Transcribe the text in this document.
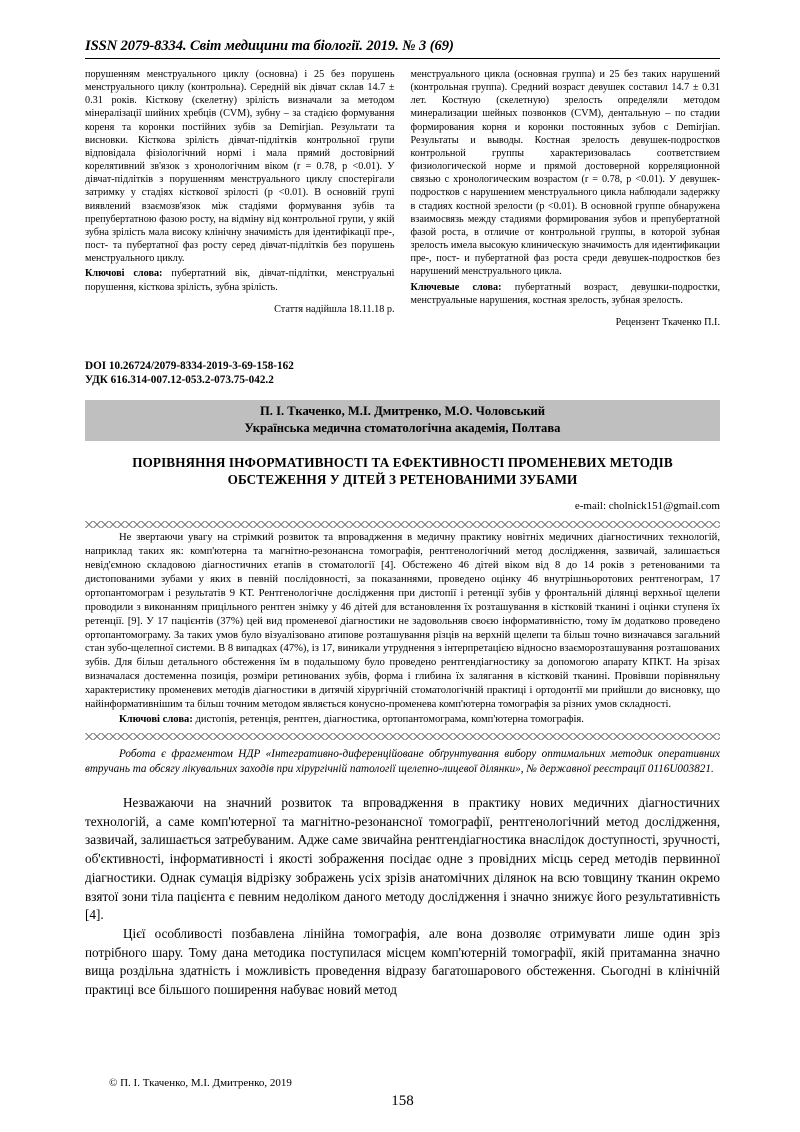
ISSN 2079-8334. Світ медицини та біології. 2019. № 3 (69)

порушенням менструального циклу (основна) і 25 без порушень менструального циклу (контрольна). Середній вік дівчат склав 14.7 ± 0.31 років. Кісткову (скелетну) зрілість визначали за методом мінералізації шийних хребців (CVM), зубну – за стадією формування кореня та коронки постійних зубів за Demirjian. Результати та висновки. Кісткова зрілість дівчат-підлітків контрольної групи відповідала фізіологічний нормі і мала прямий достовірний корелятивний зв'язок з хронологічним віком (r = 0.78, p <0.01). У дівчат-підлітків з порушенням менструального циклу спостерігали затримку у стадіях кісткової зрілості (р <0.01). В основній групі виявлений взаємозв'язок між стадіями формування зубів та препубертатною фазою росту, на відміну від контрольної групи, у якій зубна зрілість мала високу клінічну значимість для ідентифікації пре-, пост- та пубертатної фаз росту серед дівчат-підлітків без порушень менструального циклу.

Ключові слова: пубертатний вік, дівчат-підлітки, менструальні порушення, кісткова зрілість, зубна зрілість.

Стаття надійшла 18.11.18 р.

менструального цикла (основная группа) и 25 без таких нарушений (контрольная группа). Средний возраст девушек составил 14.7 ± 0.31 лет. Костную (скелетную) зрелость определяли методом минерализации шейных позвонков (CVM), дентальную – по стадии формирования корня и коронки постоянных зубов с Demirjian. Результаты и выводы. Костная зрелость девушек-подростков контрольной группы характеризовалась соответствием физиологической норме и прямой достоверной корреляционной связью с хронологическим возрастом (r = 0.78, p <0.01). У девушек-подростков с нарушением менструального цикла наблюдали задержку в стадиях костной зрелости (р <0.01). В основной группе обнаружена взаимосвязь между стадиями формирования зубов и препубертатной фазой роста, в отличие от контрольной группы, в которой зубная зрелость имела высокую клиническую значимость для идентификации пре-, пост- и пубертатной фаз роста среди девушек-подростков без нарушений менструального цикла.

Ключевые слова: пубертатный возраст, девушки-подростки, менструальные нарушения, костная зрелость, зубная зрелость.

Рецензент Ткаченко П.І.

DOI 10.26724/2079-8334-2019-3-69-158-162
УДК 616.314-007.12-053.2-073.75-042.2
П. І. Ткаченко, М.І. Дмитренко, М.О. Чоловський
Українська медична стоматологічна академія, Полтава
ПОРІВНЯННЯ ІНФОРМАТИВНОСТІ ТА ЕФЕКТИВНОСТІ ПРОМЕНЕВИХ МЕТОДІВ ОБСТЕЖЕННЯ У ДІТЕЙ З РЕТЕНОВАНИМИ ЗУБАМИ
e-mail: cholnick151@gmail.com

Не звертаючи увагу на стрімкий розвиток та впровадження в медичну практику новітніх медичних діагностичних технологій, наприклад таких як: комп'ютерна та магнітно-резонансна томографія, рентгенологічний метод дослідження, зазвичай, залишається невід'ємною складовою діагностичних етапів в стоматології [4]. Обстежено 46 дітей віком від 8 до 14 років з ретенованими та дистопованими зубами у яких в певній послідовності, за показаннями, проведено оцінку 46 внутрішньоротових рентгенограм, 17 ортопантомограм і результатів 9 КТ. Рентгенологічне дослідження при дистопії і ретенції зубів у фронтальній ділянці верхньої щелепи проводили з виконанням прицільного рентген знімку у 46 дітей для встановлення їх розташування в кістковій тканині і оцінки ступеня їх ретенції. [9]. У 17 пацієнтів (37%) цей вид променевої діагностики не задовольняв своєю інформативністю, тому їм додатково проведено ортопантомограму. За таких умов було візуалізовано атипове розташування різців на верхній щелепи та більш точно визначався загальний стан зубо-щелепної системи. В 8 випадках (47%), із 17, виникали утруднення з інтерпретацією відносно взаєморозташування розташованих зубів. Для більш детального обстеження їм в подальшому було проведено рентгендіагностику за допомогою апарату КПКТ. На зрізах визначалася достеменна позиція, розміри ретинованих зубів, форма і глибина їх залягання в кістковій тканині. Провівши порівняльну характеристику променевих методів діагностики в дитячій хірургічній стоматологічній практиці і ортодонтії ми прийшли до висновку, що найінформативнішим та більш точним методом являється конусно-променева комп'ютерна томографія за різних умов складності.

Ключові слова: дистопія, ретенція, рентген, діагностика, ортопантомограма, комп'ютерна томографія.

Робота є фрагментом НДР «Інтегративно-диференційоване обґрунтування вибору оптимальних методик оперативних втручань та обсягу лікувальних заходів при хірургічній патології щелепно-лицевої ділянки», № державної реєстрації 0116U003821.

Незважаючи на значний розвиток та впровадження в практику нових медичних діагностичних технологій, а саме комп'ютерної та магнітно-резонансної томографії, рентгенологічний метод дослідження, зазвичай, залишається затребуваним. Адже саме звичайна рентгендіагностика внаслідок доступності, зручності, об'єктивності, інформативності і якості зображення посідає одне з провідних місць серед методів первинної діагностики. Однак сумація відрізку зображень усіх зрізів анатомічних ділянок на всю товщину тканин окремо взятої зони тіла пацієнта є певним недоліком даного методу дослідження і значно знижує його результативність [4].

Цієї особливості позбавлена лінійна томографія, але вона дозволяє отримувати лише один зріз потрібного шару. Тому дана методика поступилася місцем комп'ютерній томографії, якій притаманна значно вища роздільна здатність і можливість проведення відразу багатошарового обстеження. Сьогодні в клінічній практиці все більшого поширення набуває новий метод

© П. І. Ткаченко, М.І. Дмитренко, 2019
158
